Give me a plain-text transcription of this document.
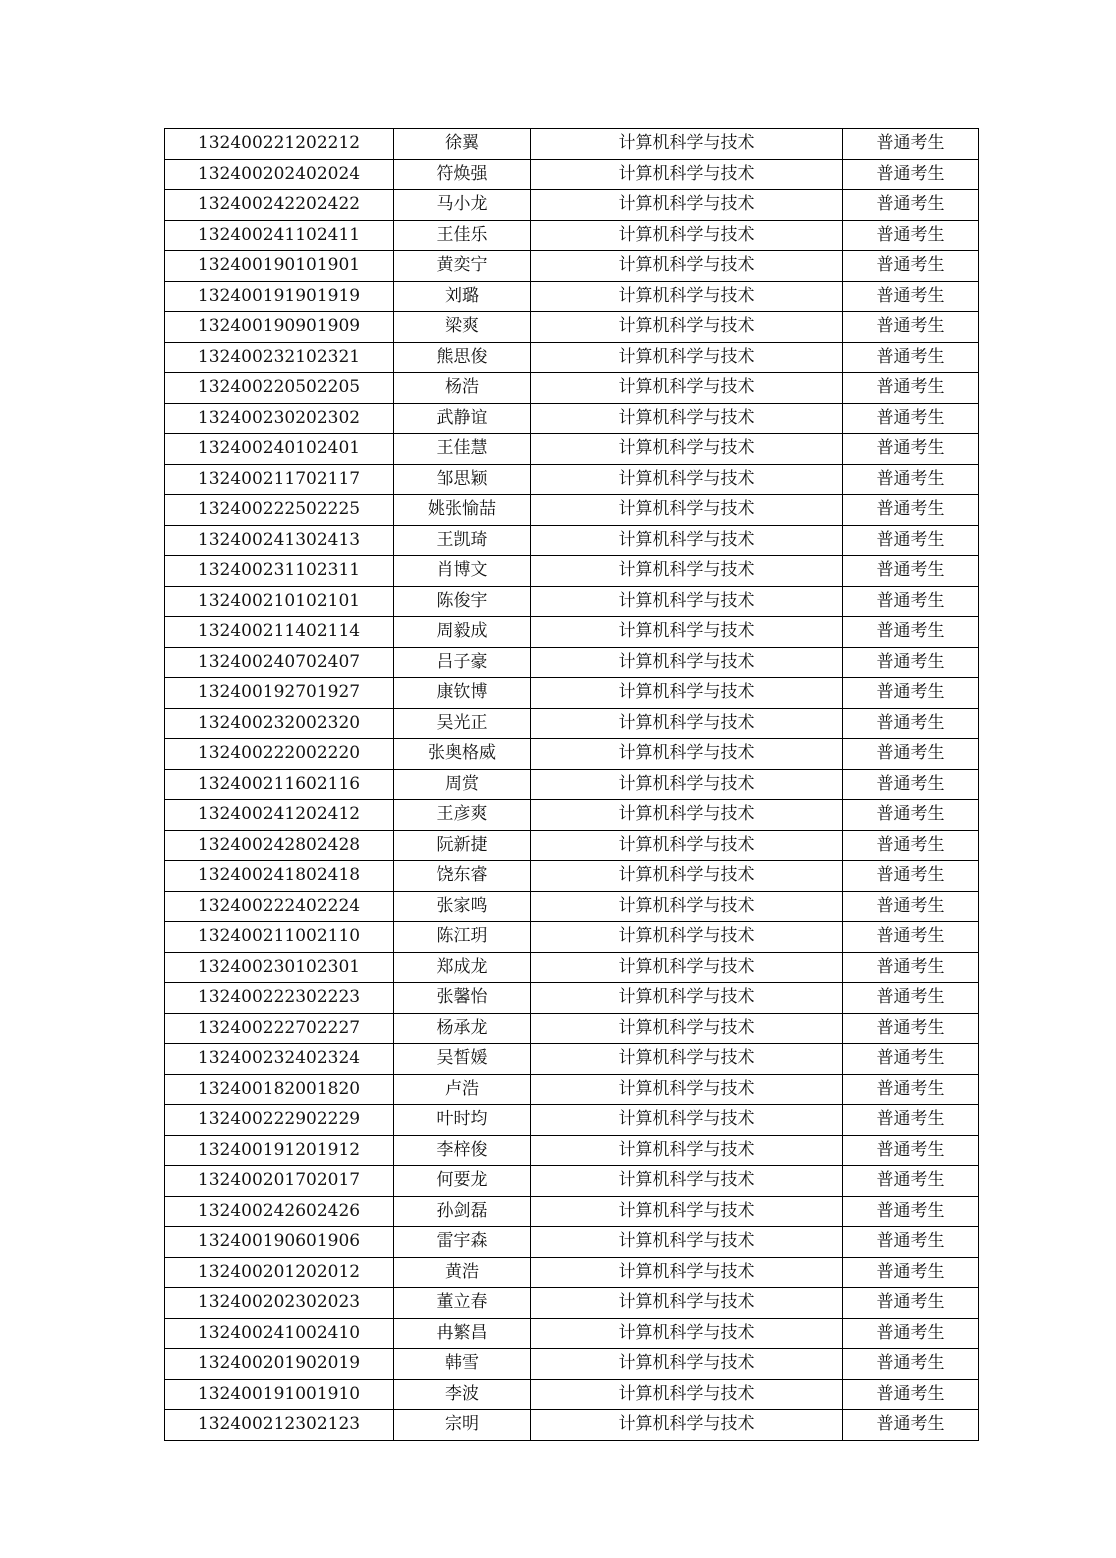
132400221202212	徐翼	计算机科学与技术	普通考生
132400202402024	符焕强	计算机科学与技术	普通考生
132400242202422	马小龙	计算机科学与技术	普通考生
132400241102411	王佳乐	计算机科学与技术	普通考生
132400190101901	黄奕宁	计算机科学与技术	普通考生
132400191901919	刘璐	计算机科学与技术	普通考生
132400190901909	梁爽	计算机科学与技术	普通考生
132400232102321	熊思俊	计算机科学与技术	普通考生
132400220502205	杨浩	计算机科学与技术	普通考生
132400230202302	武静谊	计算机科学与技术	普通考生
132400240102401	王佳慧	计算机科学与技术	普通考生
132400211702117	邹思颖	计算机科学与技术	普通考生
132400222502225	姚张愉喆	计算机科学与技术	普通考生
132400241302413	王凯琦	计算机科学与技术	普通考生
132400231102311	肖博文	计算机科学与技术	普通考生
132400210102101	陈俊宇	计算机科学与技术	普通考生
132400211402114	周毅成	计算机科学与技术	普通考生
132400240702407	吕子豪	计算机科学与技术	普通考生
132400192701927	康钦博	计算机科学与技术	普通考生
132400232002320	吴光正	计算机科学与技术	普通考生
132400222002220	张奥格威	计算机科学与技术	普通考生
132400211602116	周赏	计算机科学与技术	普通考生
132400241202412	王彦爽	计算机科学与技术	普通考生
132400242802428	阮新捷	计算机科学与技术	普通考生
132400241802418	饶东睿	计算机科学与技术	普通考生
132400222402224	张家鸣	计算机科学与技术	普通考生
132400211002110	陈江玥	计算机科学与技术	普通考生
132400230102301	郑成龙	计算机科学与技术	普通考生
132400222302223	张馨怡	计算机科学与技术	普通考生
132400222702227	杨承龙	计算机科学与技术	普通考生
132400232402324	吴皙媛	计算机科学与技术	普通考生
132400182001820	卢浩	计算机科学与技术	普通考生
132400222902229	叶时均	计算机科学与技术	普通考生
132400191201912	李梓俊	计算机科学与技术	普通考生
132400201702017	何要龙	计算机科学与技术	普通考生
132400242602426	孙剑磊	计算机科学与技术	普通考生
132400190601906	雷宇森	计算机科学与技术	普通考生
132400201202012	黄浩	计算机科学与技术	普通考生
132400202302023	董立春	计算机科学与技术	普通考生
132400241002410	冉繁昌	计算机科学与技术	普通考生
132400201902019	韩雪	计算机科学与技术	普通考生
132400191001910	李波	计算机科学与技术	普通考生
132400212302123	宗明	计算机科学与技术	普通考生
